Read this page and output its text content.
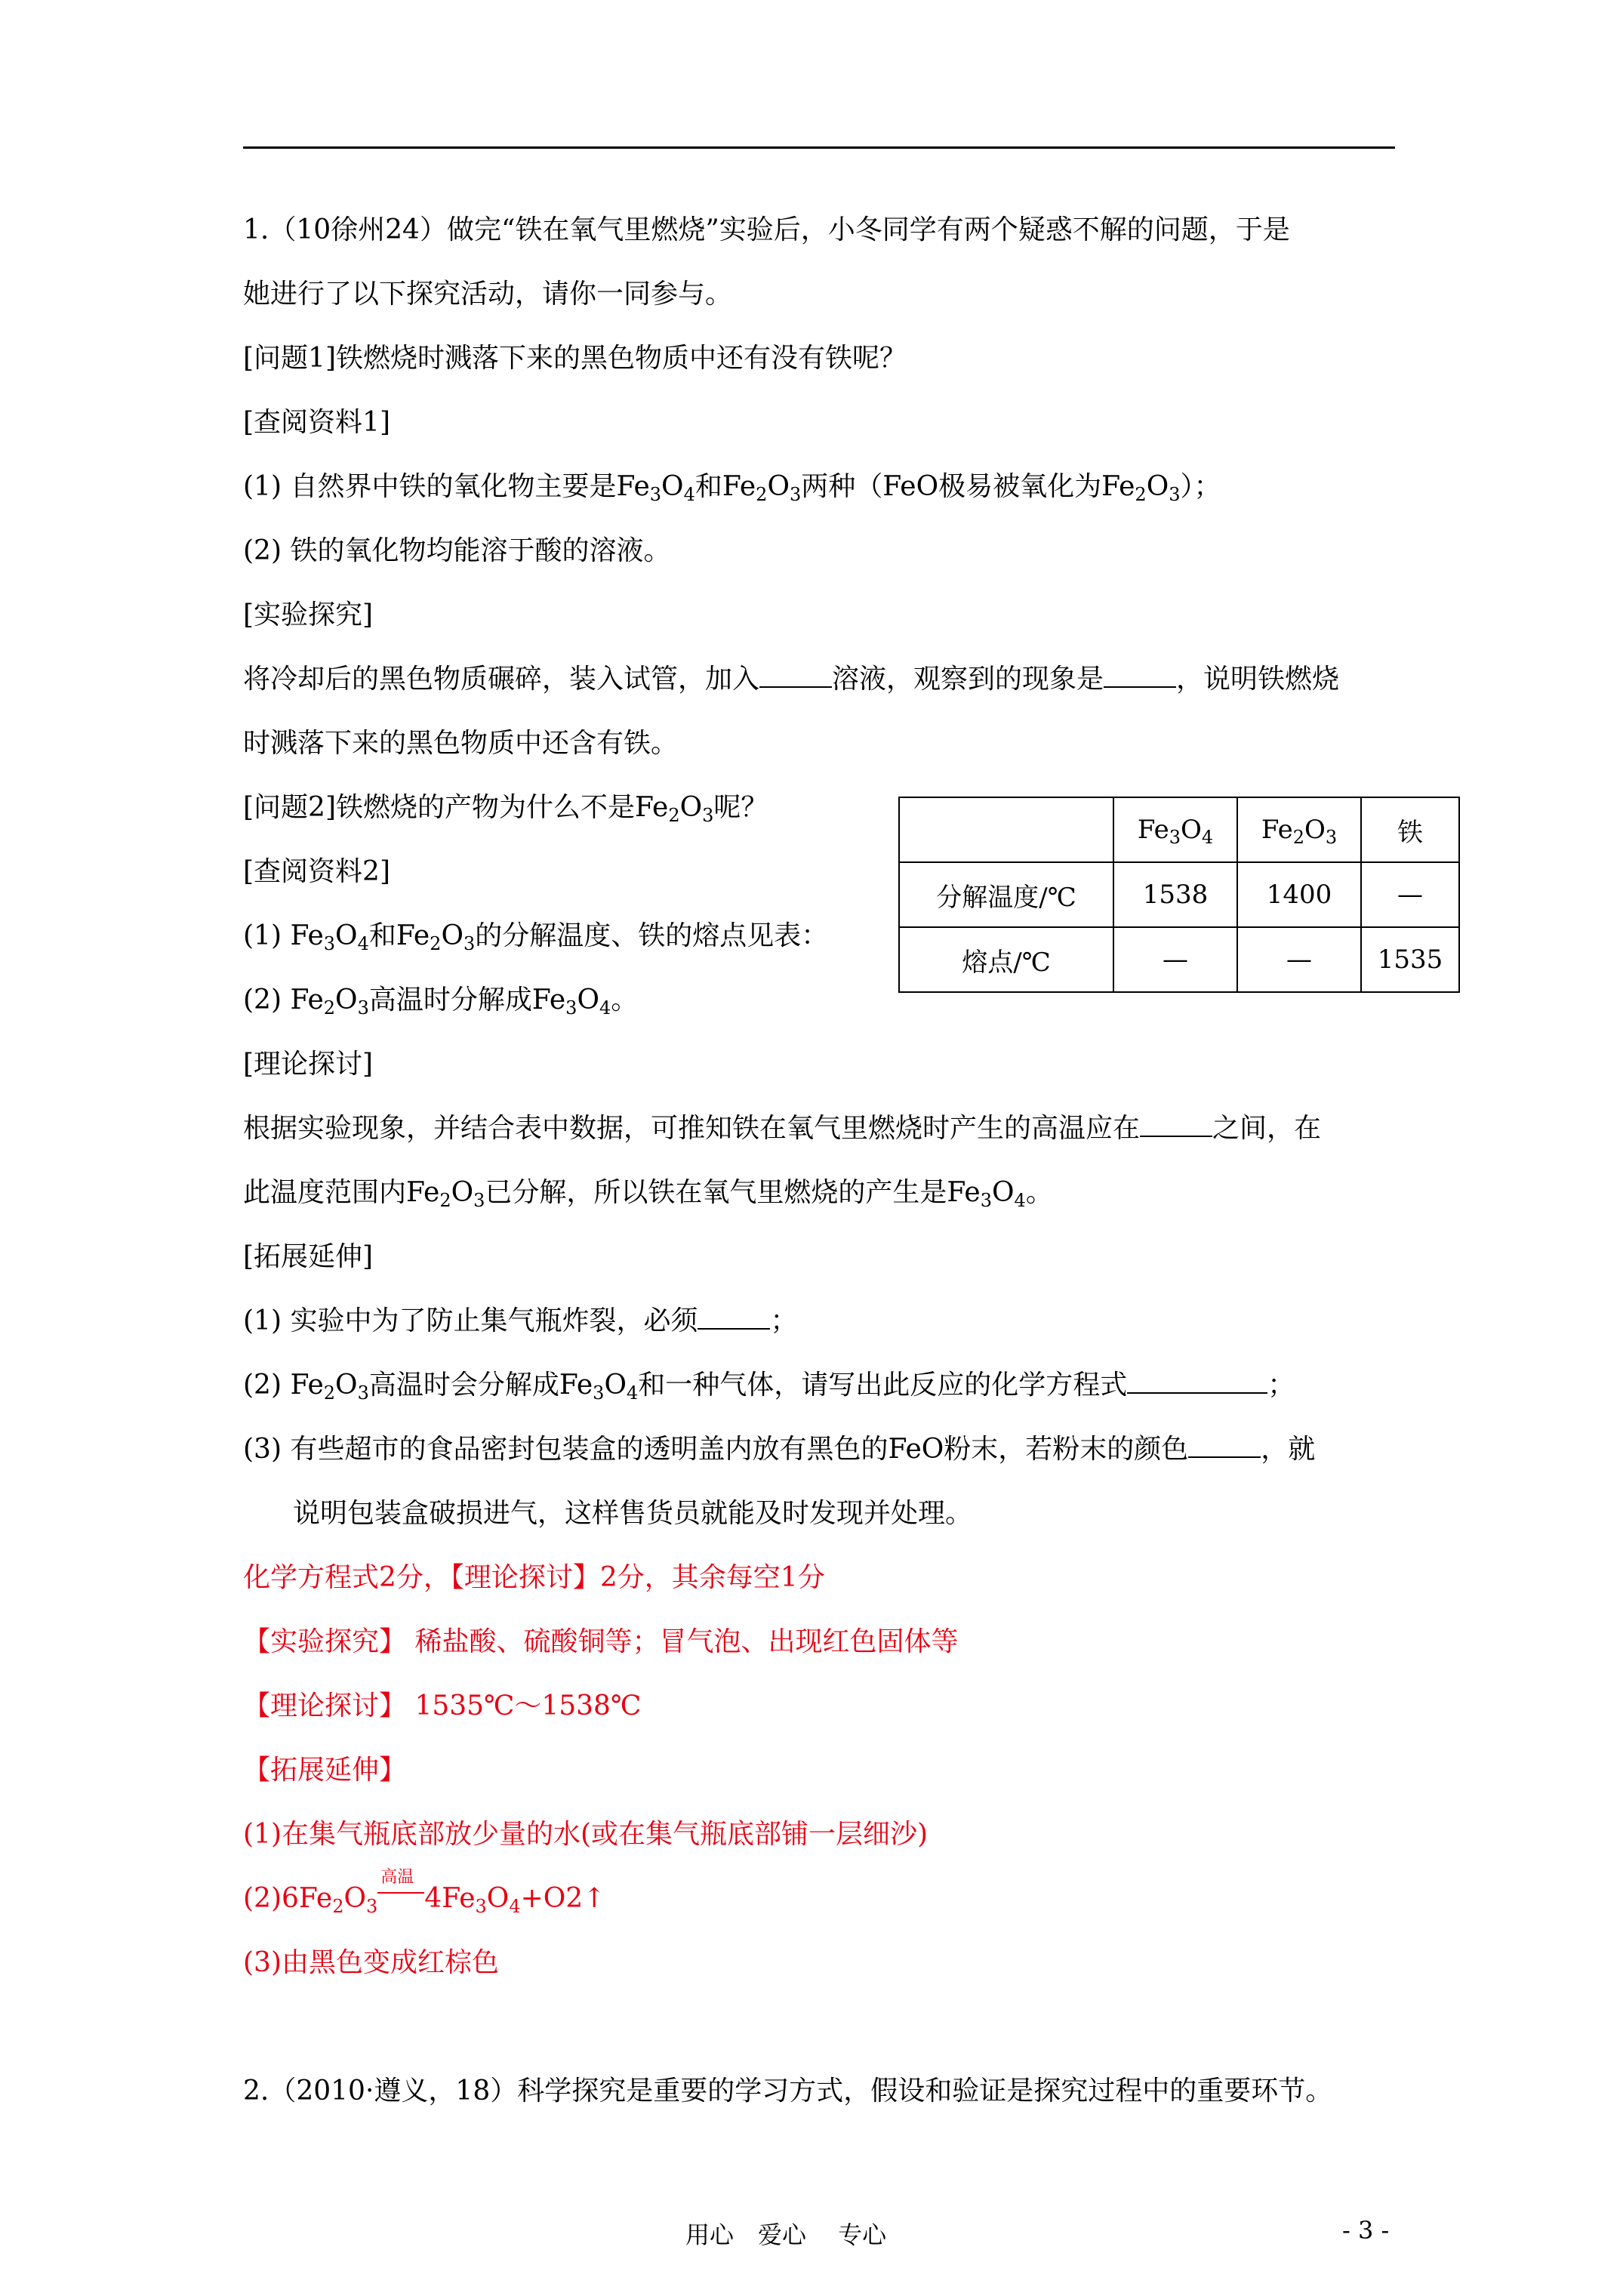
1.（10徐州24）做完“铁在氧气里燃烧”实验后，小冬同学有两个疑惑不解的问题，于是
她进行了以下探究活动，请你一同参与。
[问题1]铁燃烧时溅落下来的黑色物质中还有没有铁呢？
[查阅资料1]
(1) 自然界中铁的氧化物主要是$Fe_3O_4$和$Fe_2O_3$两种（FeO极易被氧化为$Fe_2O_3$）；
(2) 铁的氧化物均能溶于酸的溶液。
[实验探究]
将冷却后的黑色物质碾碎，装入试管，加入	溶液，观察到的现象是	，说明铁燃烧
时溅落下来的黑色物质中还含有铁。
[问题2]铁燃烧的产物为什么不是$Fe_2O_3$呢？
[查阅资料2]
(1) $Fe_3O_4$和$Fe_2O_3$的分解温度、铁的熔点见表：
(2) $Fe_2O_3$高温时分解成$Fe_3O_4$。
[理论探讨]
根据实验现象，并结合表中数据，可推知铁在氧气里燃烧时产生的高温应在	之间，在
此温度范围内$Fe_2O_3$已分解，所以铁在氧气里燃烧的产生是$Fe_3O_4$。
[拓展延伸]
(1) 实验中为了防止集气瓶炸裂，必须	；
(2) $Fe_2O_3$高温时会分解成$Fe_3O_4$和一种气体，请写出此反应的化学方程式	；
(3) 有些超市的食品密封包装盒的透明盖内放有黑色的FeO粉末，若粉末的颜色	，就
说明包装盒破损进气，这样售货员就能及时发现并处理。
化学方程式2分，【理论探讨】2分，其余每空1分
【实验探究】 稀盐酸、硫酸铜等；冒气泡、出现红色固体等
【理论探讨】 1535℃～1538℃
【拓展延伸】
(1)在集气瓶底部放少量的水(或在集气瓶底部铺一层细沙)
$(2)6Fe_2O_3$
高温
$4Fe_3O_4+O2↑$
(3)由黑色变成红棕色
2.（2010·遵义，18）科学探究是重要的学习方式，假设和验证是探究过程中的重要环节。
	$Fe_3O_4$	$Fe_2O_3$	铁
分解温度/℃	1538	1400	—
熔点/℃	—	—	1535
用心　爱心　 专心	- 3 -
